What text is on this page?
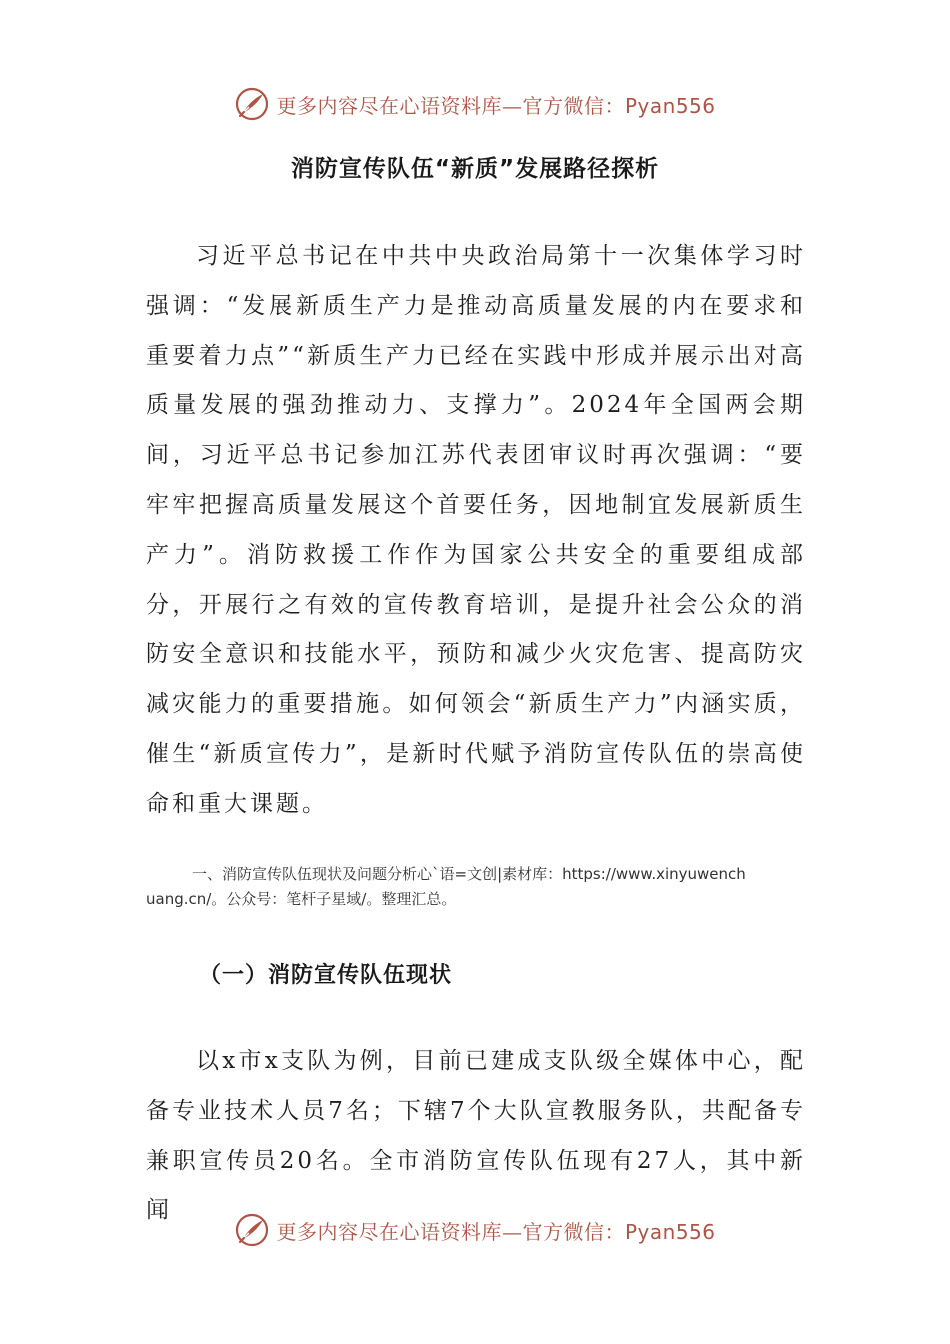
更多内容尽在心语资料库—官方微信：Pyan556
消防宣传队伍“新质”发展路径探析

习近平总书记在中共中央政治局第十一次集体学习时强调：“发展新质生产力是推动高质量发展的内在要求和重要着力点”“新质生产力已经在实践中形成并展示出对高质量发展的强劲推动力、支撑力”。2024年全国两会期间，习近平总书记参加江苏代表团审议时再次强调：“要牢牢把握高质量发展这个首要任务，因地制宜发展新质生产力”。消防救援工作作为国家公共安全的重要组成部分，开展行之有效的宣传教育培训，是提升社会公众的消防安全意识和技能水平，预防和减少火灾危害、提高防灾减灾能力的重要措施。如何领会“新质生产力”内涵实质，催生“新质宣传力”，是新时代赋予消防宣传队伍的崇高使命和重大课题。

一、消防宣传队伍现状及问题分析心`语=文创|素材库：https://www.xinyuwenchuang.cn/。公众号：笔杆子星域/。整理汇总。

（一）消防宣传队伍现状

以x市x支队为例，目前已建成支队级全媒体中心，配备专业技术人员7名；下辖7个大队宣教服务队，共配备专兼职宣传员20名。全市消防宣传队伍现有27人，其中新闻

更多内容尽在心语资料库—官方微信：Pyan556
